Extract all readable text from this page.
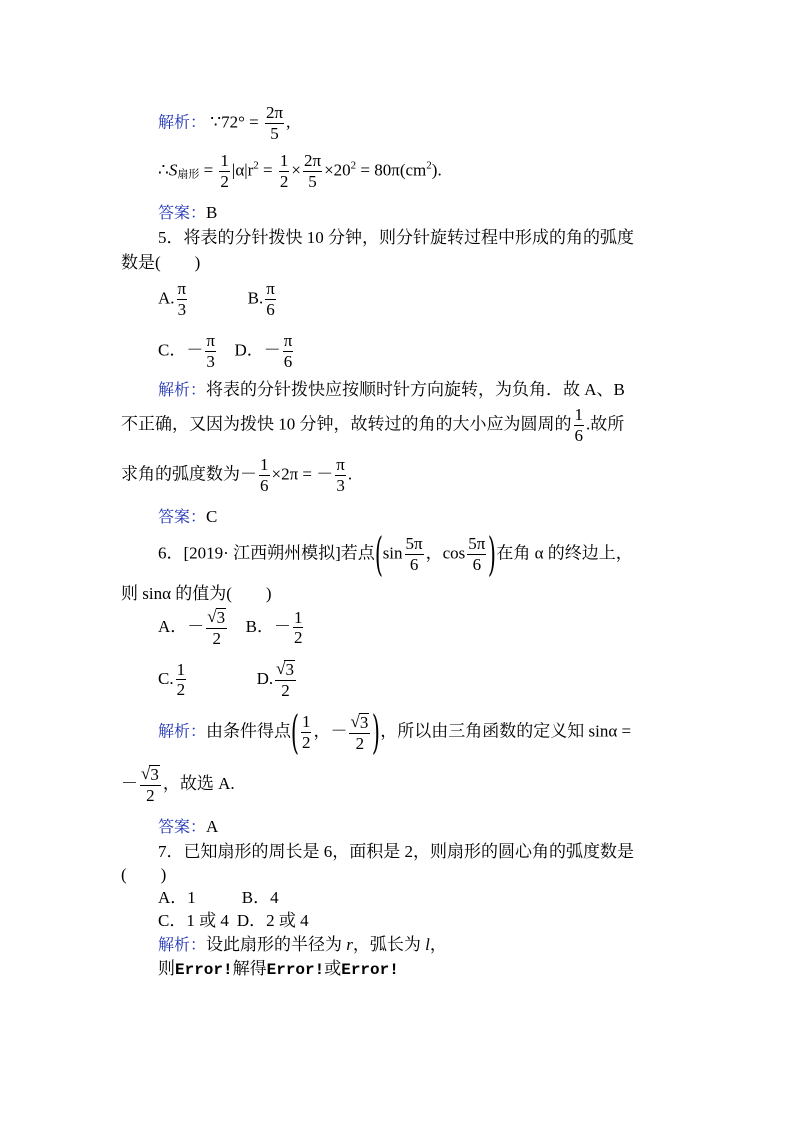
解析： ∵72° = $\frac{2\pi}{5}$ ,
∴S扇形 = $\frac{1}{2} |\alpha|r^2 = \frac{1}{2} \times \frac{2\pi}{5} \times 20^2 = 80\pi(cm^2)$.
答案：B
5．将表的分针拨快 10 分钟，则分针旋转过程中形成的角的弧度
数是(　　)
A. $\frac{\pi}{3}$	B. $\frac{\pi}{6}$
C．－ $\frac{\pi}{3}$ D．－ $\frac{\pi}{6}$
解析：将表的分针拨快应按顺时针方向旋转，为负角．故 A、B
不正确，又因为拨快 10 分钟，故转过的角的大小应为圆周的 $\frac{1}{6}$ .故所
求角的弧度数为－ $\frac{1}{6} \times 2\pi$ = － $\frac{\pi}{3}$ .
答案：C
6．[2019· 江西朔州模拟]若点($\sin \frac{5\pi}{6}$ ，$\cos \frac{5\pi}{6}$ )在角 α 的终边上，
则 sinα 的值为(　　)
A．－ $\frac{√ 3}{2}$ B．－ $\frac{1}{2}$
C. $\frac{1}{2}$	D. $\frac{√ 3}{2}$
解析：由条件得点( $\frac{1}{2}$ ，－ $\frac{√ 3}{2}$ )，所以由三角函数的定义知 sinα =
－ $\frac{√ 3}{2}$ ，故选 A.
答案：A
7．已知扇形的周长是 6，面积是 2，则扇形的圆心角的弧度数是
(　　)
A．1	B．4
C．1 或 4 D．2 或 4
解析：设此扇形的半径为 r，弧长为 l，
则Error!解得Error!或Error!
